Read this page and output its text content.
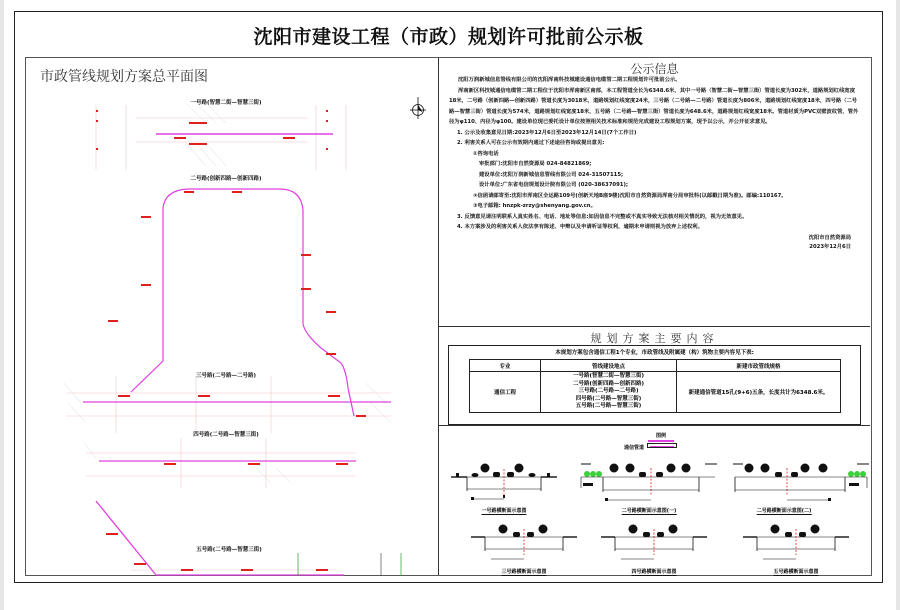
沈阳市建设工程（市政）规划许可批前公示板
市政管线规划方案总平面图
一号路(智慧二街—智慧三街)
二号路(创新四路—创新四路)
三号路(二号路—二号路)
四号路(二号路—智慧三街)
五号路(二号路—智慧三街)
公示信息

沈阳万润新城信息管线有限公司的沈阳浑南科技城建设通信电缆管二期工程规划许可批前公示。

浑南新区科技城通信电缆管二期工程位于沈阳市浑南新区南部，本工程管道全长为6348.6米，其中一号路（智慧二街—智慧三街）管道长度为302米，道路规划红线宽度18米，二号路（创新四路—创新四路）管道长度为3018米，道路规划红线宽度24米，三号路（二号路—二号路）管道长度为806米，道路规划红线宽度18米，四号路（二号路—智慧三街）管道长度为574米，道路规划红线宽度18米，五号路（二号路—智慧三街）管道长度为648.6米，道路规划红线宽度18米。管道材质为PVC双壁波纹管，管外径为φ110、内径为φ100。建设单位现已委托设计单位按照相关技术标准和规范完成建设工程规划方案，现予以公示，并公开征求意见。

1. 公示及收集意见日期:2023年12月6日至2023年12月14日(7个工作日)

2. 利害关系人可在公示有效期内通过下述途径咨询或提出意见:

①咨询电话

审批部门:沈阳市自然资源局 024-84821869;

建设单位:沈阳万润新城信息管线有限公司 024-31507115;

设计单位:广东省电信规划设计院有限公司 (020-38637091);

②信函请邮寄至:沈阳市浑南区全运路109号(创新天地B座9楼)沈阳市自然资源局浑南分局审批科(以邮戳日期为准)。邮编:110167。

③电子邮箱: hnzpk-zrzy@shenyang.gov.cn。

3. 反馈意见请注明联系人真实姓名、电话、地址等信息:如因信息不完整或不真实导致无法核对相关情况的，视为无效意见。

4. 本方案涉及的利害关系人依法享有陈述、申辩以及申请听证等权利，逾期未申请则视为放弃上述权利。

沈阳市自然资源局

2023年12月6日

规划方案主要内容
本规划方案包含通信工程1个专业，市政管线及附属建（构）筑物主要内容见下表:
专业	管线建设地点	新建市政管线规格
通信工程	一号路(智慧二街—智慧三街)
二号路(创新四路—创新四路)
三号路(二号路—二号路)
四号路(二号路—智慧三街)
五号路(二号路—智慧三街)	新建通信管道15孔(9+6)五条，长度共计为6348.6米。
图例
通信管道
一号路横断面示意图	二号路横断面示意图(一)	二号路横断面示意图(二)
三号路横断面示意图	四号路横断面示意图	五号路横断面示意图
